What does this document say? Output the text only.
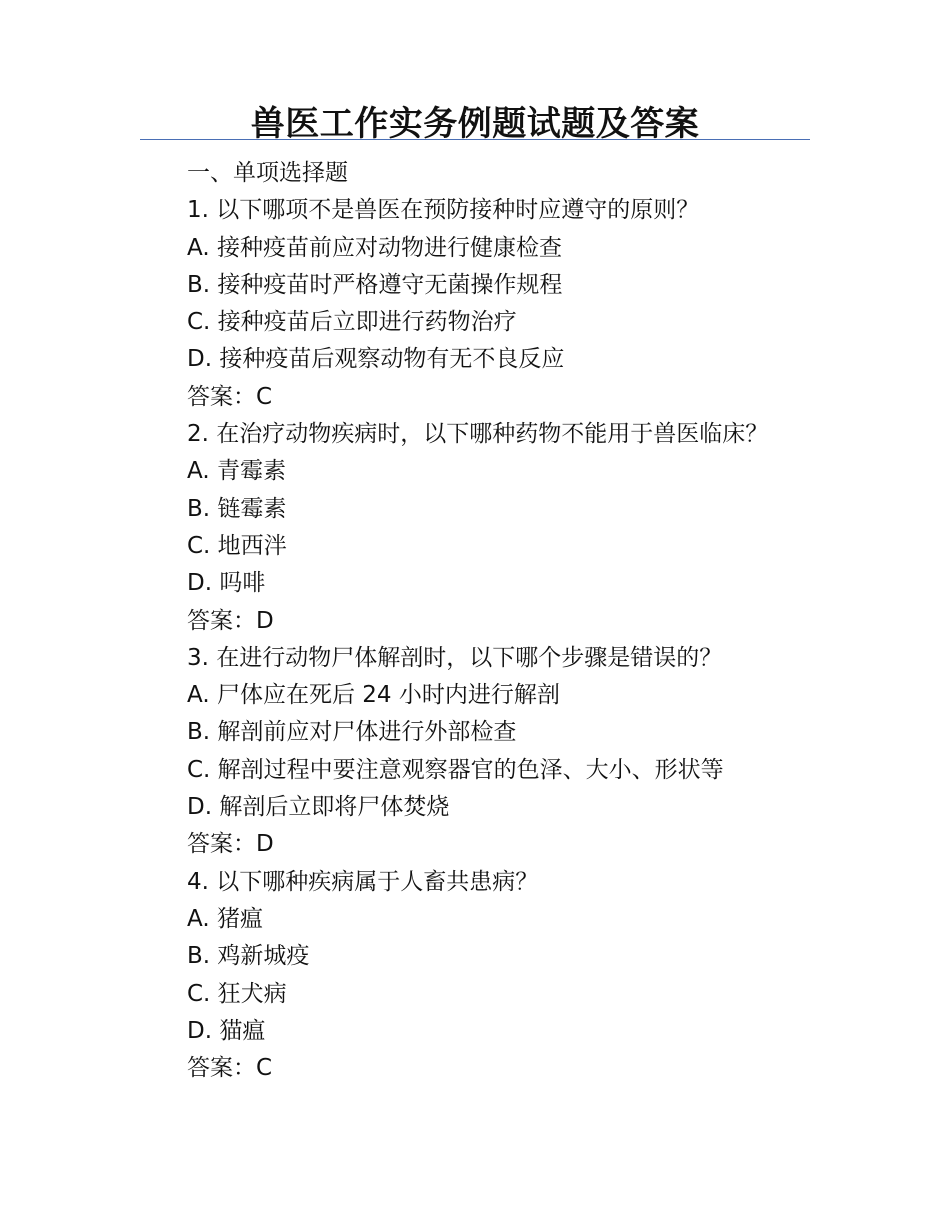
兽医工作实务例题试题及答案
一、单项选择题
1. 以下哪项不是兽医在预防接种时应遵守的原则？
A. 接种疫苗前应对动物进行健康检查
B. 接种疫苗时严格遵守无菌操作规程
C. 接种疫苗后立即进行药物治疗
D. 接种疫苗后观察动物有无不良反应
答案：C
2. 在治疗动物疾病时，以下哪种药物不能用于兽医临床？
A. 青霉素
B. 链霉素
C. 地西泮
D. 吗啡
答案：D
3. 在进行动物尸体解剖时，以下哪个步骤是错误的？
A. 尸体应在死后 24 小时内进行解剖
B. 解剖前应对尸体进行外部检查
C. 解剖过程中要注意观察器官的色泽、大小、形状等
D. 解剖后立即将尸体焚烧
答案：D
4. 以下哪种疾病属于人畜共患病？
A. 猪瘟
B. 鸡新城疫
C. 狂犬病
D. 猫瘟
答案：C
